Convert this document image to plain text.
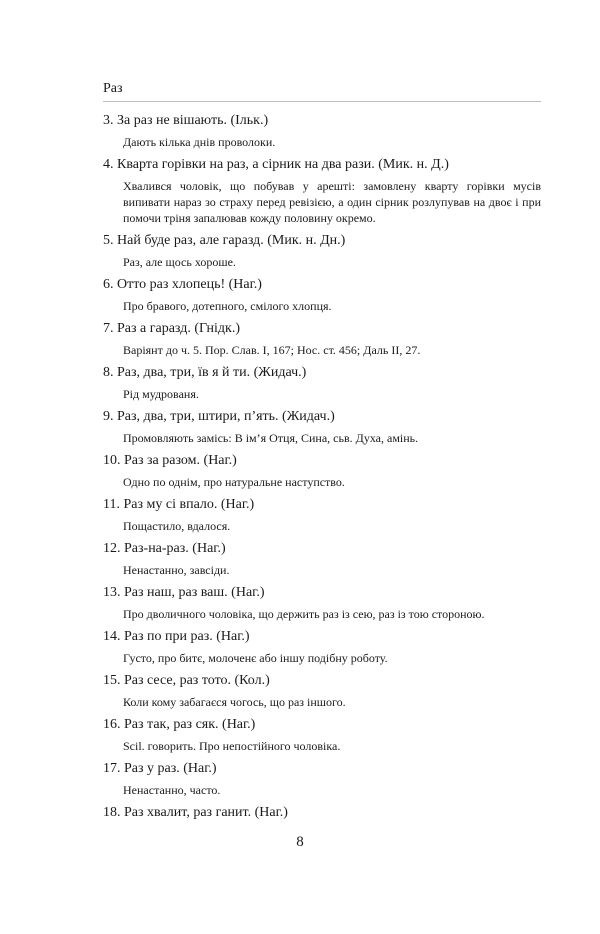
Раз

3. За раз не вішають. (Ільк.)

Дають кілька днів проволоки.

4. Кварта горівки на раз, а сірник на два рази. (Мик. н. Д.)

Хвалився чоловік, що побував у арешті: замовлену кварту горівки мусів випивати нараз зо страху перед ревізією, а один сірник розлупував на двоє і при помочи тріня запалював кожду половину окремо.

5. Най буде раз, але гаразд. (Мик. н. Дн.)

Раз, але щось хороше.

6. Отто раз хлопець! (Наг.)

Про бравого, дотепного, смілого хлопця.

7. Раз а гаразд. (Гнідк.)

Варіянт до ч. 5. Пор. Слав. I, 167; Нос. ст. 456; Даль II, 27.

8. Раз, два, три, їв я й ти. (Жидач.)

Рід мудрованя.

9. Раз, два, три, штири, п’ять. (Жидач.)

Промовляють замісь: В ім’я Отця, Сина, сьв. Духа, амінь.

10. Раз за разом. (Наг.)

Одно по однім, про натуральне наступство.

11. Раз му сі впало. (Наг.)

Пощастило, вдалося.

12. Раз-на-раз. (Наг.)

Ненастанно, завсіди.

13. Раз наш, раз ваш. (Наг.)

Про дволичного чоловіка, що держить раз із сею, раз із тою стороною.

14. Раз по при раз. (Наг.)

Густо, про битє, молоченє або іншу подібну роботу.

15. Раз сесе, раз тото. (Кол.)

Коли кому забагаєся чогось, що раз іншого.

16. Раз так, раз сяк. (Наг.)

Scil. говорить. Про непостійного чоловіка.

17. Раз у раз. (Наг.)

Ненастанно, часто.

18. Раз хвалит, раз ганит. (Наг.)

8
